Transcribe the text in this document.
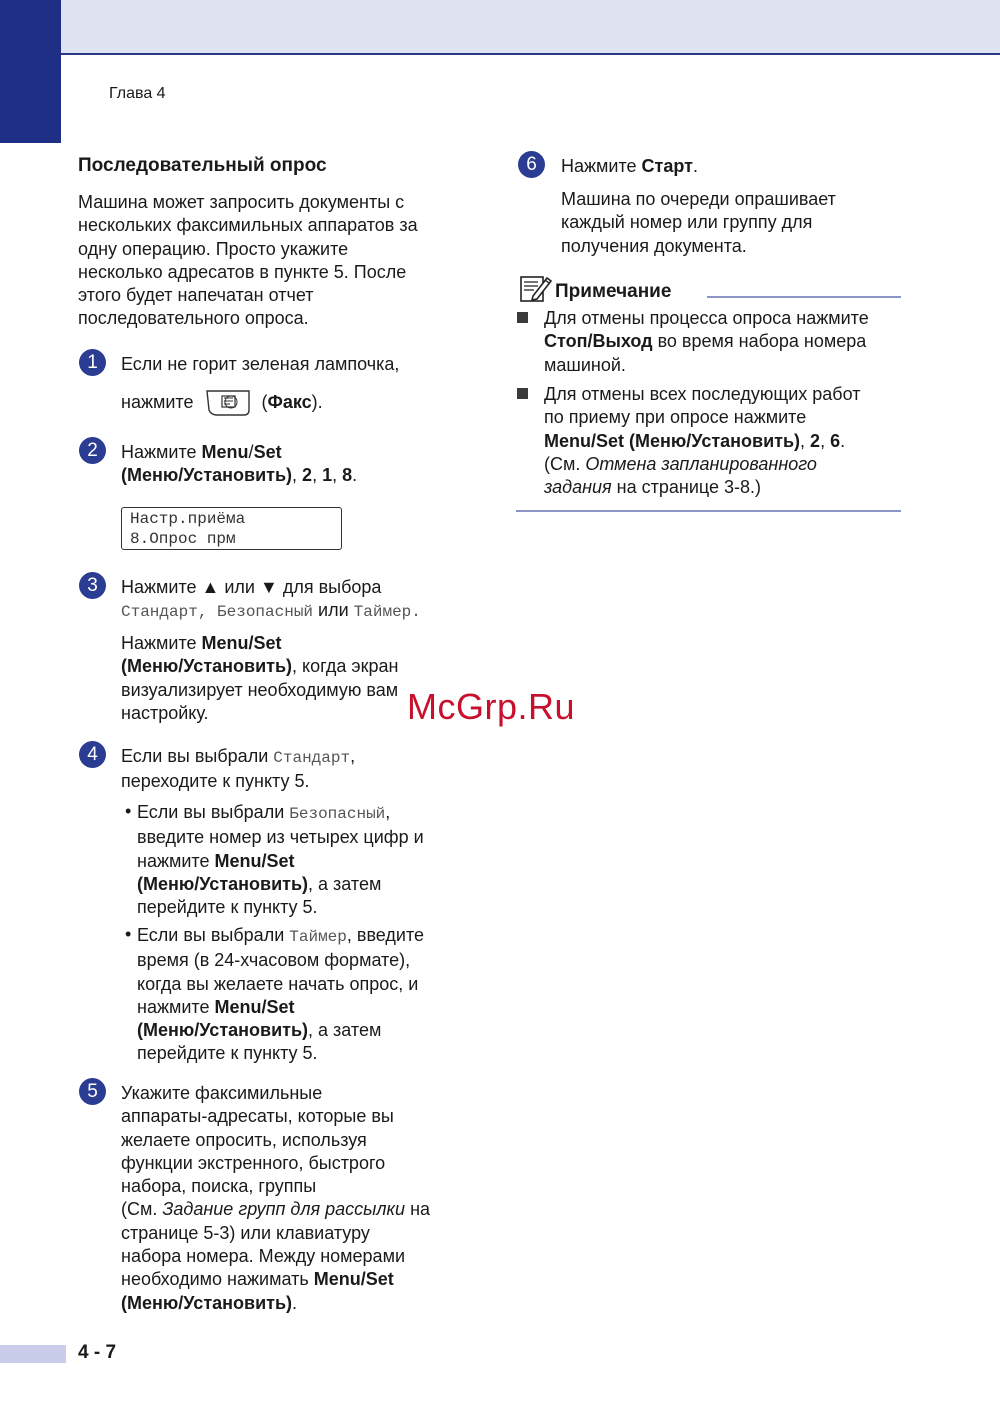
Глава 4
Последовательный опрос
Машина может запросить документы с
нескольких факсимильных аппаратов за
одну операцию. Просто укажите
несколько адресатов в пункте 5. После
этого будет напечатан отчет
последовательного опроса.
1	Если не горит зеленая лампочка,
нажмите	(Факс).
2	Нажмите Menu/Set
(Меню/Установить), 2, 1, 8.
Настр.приёма
8.Опрос прм
3	Нажмите ▲ или ▼ для выбора
Стандарт, Безопасный или Таймер.
Нажмите Menu/Set
(Меню/Установить), когда экран
визуализирует необходимую вам
настройку.	McGrp.Ru
4	Если вы выбрали Стандарт,
переходите к пункту 5.
• Если вы выбрали Безопасный,
введите номер из четырех цифр и
нажмите Menu/Set
(Меню/Установить), а затем
перейдите к пункту 5.
• Если вы выбрали Таймер, введите
время (в 24-хчасовом формате),
когда вы желаете начать опрос, и
нажмите Menu/Set
(Меню/Установить), а затем
перейдите к пункту 5.
5	Укажите факсимильные
аппараты-адресаты, которые вы
желаете опросить, используя
функции экстренного, быстрого
набора, поиска, группы
(См. Задание групп для рассылки на
странице 5-3) или клавиатуру
набора номера. Между номерами
необходимо нажимать Menu/Set
(Меню/Установить).
6	Нажмите Старт.
Машина по очереди опрашивает
каждый номер или группу для
получения документа.
Примечание
Для отмены процесса опроса нажмите
Стоп/Выход во время набора номера
машиной.
Для отмены всех последующих работ
по приему при опросе нажмите
Menu/Set (Меню/Установить), 2, 6.
(См. Отмена запланированного
задания на странице 3-8.)
4 - 7
